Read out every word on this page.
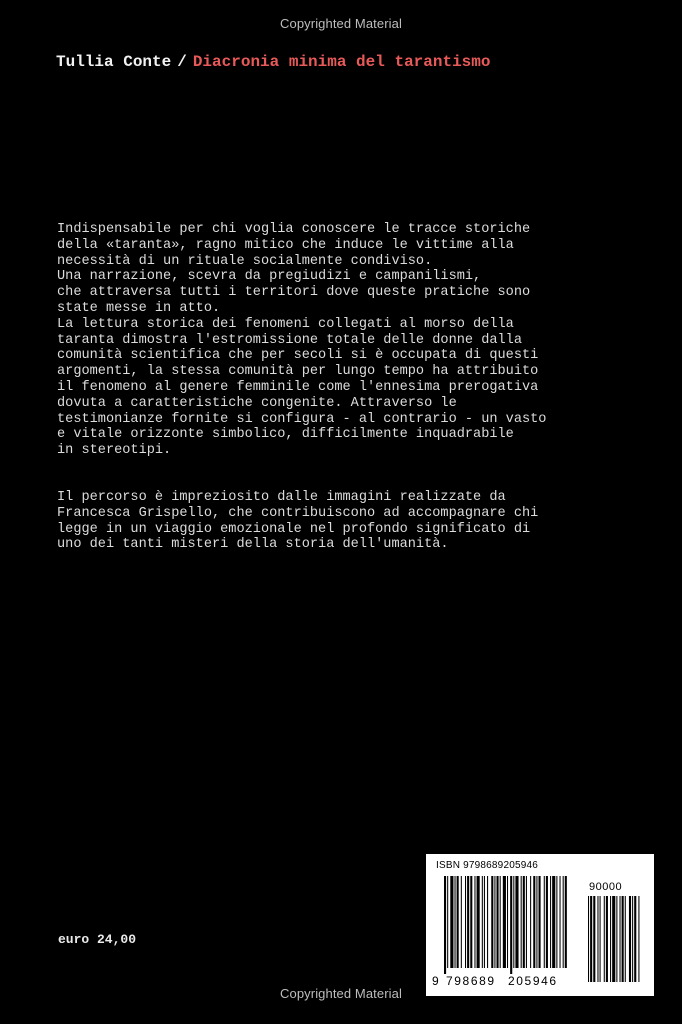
Copyrighted Material
Tullia Conte / Diacronia minima del tarantismo
Indispensabile per chi voglia conoscere le tracce storiche
della «taranta», ragno mitico che induce le vittime alla
necessità di un rituale socialmente condiviso.
Una narrazione, scevra da pregiudizi e campanilismi,
che attraversa tutti i territori dove queste pratiche sono
state messe in atto.
La lettura storica dei fenomeni collegati al morso della
taranta dimostra l'estromissione totale delle donne dalla
comunità scientifica che per secoli si è occupata di questi
argomenti, la stessa comunità per lungo tempo ha attribuito
il fenomeno al genere femminile come l'ennesima prerogativa
dovuta a caratteristiche congenite. Attraverso le
testimonianze fornite si configura - al contrario - un vasto
e vitale orizzonte simbolico, difficilmente inquadrabile
in stereotipi.
Il percorso è impreziosito dalle immagini realizzate da
Francesca Grispello, che contribuiscono ad accompagnare chi
legge in un viaggio emozionale nel profondo significato di
uno dei tanti misteri della storia dell'umanità.
euro 24,00
ISBN 9798689205946
90000
9 798689 205946
Copyrighted Material
